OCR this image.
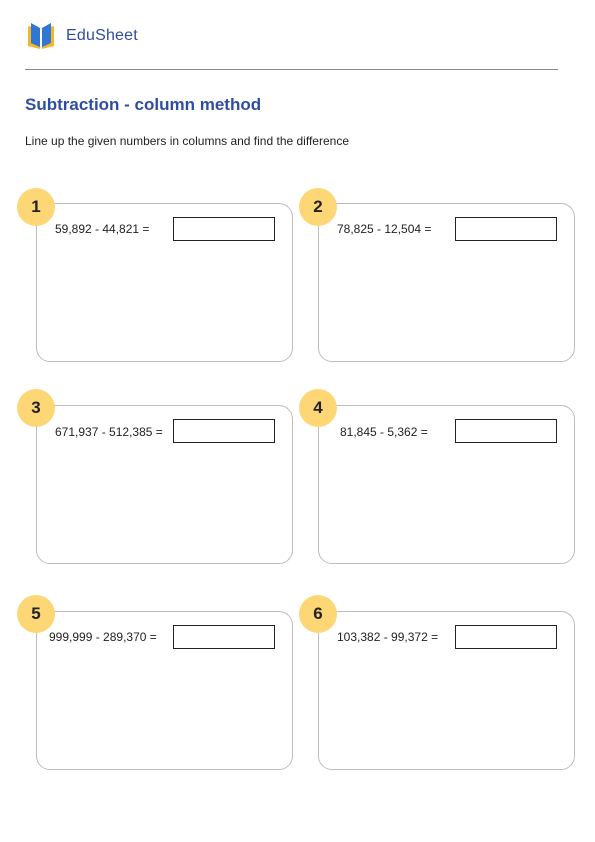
EduSheet
Subtraction - column method

Line up the given numbers in columns and find the difference

1
59,892 - 44,821 =
2
78,825 - 12,504 =
3
671,937 - 512,385 =
4
81,845 - 5,362 =
5
999,999 - 289,370 =
6
103,382 - 99,372 =
